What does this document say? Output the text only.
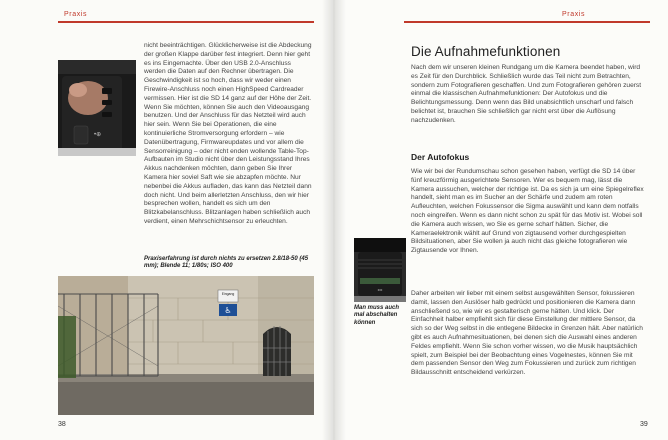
Praxis
•⊕

nicht beeinträchtigen. Glücklicherweise ist die Abdeckung der großen Klappe darüber fest integriert. Denn hier geht es ins Eingemachte. Über den USB 2.0-Anschluss werden die Daten auf den Rechner übertragen. Die Geschwindigkeit ist so hoch, dass wir weder einen Firewire-Anschluss noch einen HighSpeed Cardreader vermissen. Hier ist die SD 14 ganz auf der Höhe der Zeit. Wenn Sie möchten, können Sie auch den Videoausgang benutzen. Und der Anschluss für das Netzteil wird auch hier sein. Wenn Sie bei Operationen, die eine kontinuierliche Stromversorgung erfordern – wie Datenübertragung, Firmwareupdates und vor allem die Sensorreinigung – oder nicht enden wollende Table-Top-Aufbauten im Studio nicht über den Leistungsstand Ihres Akkus nachdenken möchten, dann geben Sie Ihrer Kamera hier soviel Saft wie sie abzapfen möchte. Nur nebenbei die Akkus aufladen, das kann das Netzteil dann doch nicht. Und beim allerletzten Anschluss, den wir hier besprechen wollen, handelt es sich um den Blitzkabelanschluss. Blitzanlagen haben schließlich auch verdient, einen Mehrschichtsensor zu erleuchten.

Praxiserfahrung ist durch nichts zu ersetzen 2.8/18-50 (45 mm); Blende 11; 1/80s; ISO 400

♿
Eingang
38
Praxis
Die Aufnahmefunktionen

Nach dem wir unseren kleinen Rundgang um die Kamera beendet haben, wird es Zeit für den Durchblick. Schließlich wurde das Teil nicht zum Betrachten, sondern zum Fotografieren geschaffen. Und zum Fotografieren gehören zuerst einmal die klassischen Aufnahmefunktionen: Der Autofokus und die Belichtungsmessung. Denn wenn das Bild unabsichtlich unscharf und falsch belichtet ist, brauchen Sie schließlich gar nicht erst über die Auflösung nachzudenken.

Der Autofokus

Wie wir bei der Rundumschau schon gesehen haben, verfügt die SD 14 über fünf kreuzförmig ausgerichtete Sensoren. Wer es bequem mag, lässt die Kamera aussuchen, welcher der richtige ist. Da es sich ja um eine Spiegelreflex handelt, sieht man es im Sucher an der Schärfe und zudem am roten Aufleuchten, welchen Fokussensor die Sigma auswählt und kann dem notfalls noch eingreifen. Wenn es dann nicht schon zu spät für das Motiv ist. Wobei soll die Kamera auch wissen, wo Sie es gerne scharf hätten. Sicher, die Kameraelektronik wählt auf Grund von zigtausend vorher durchgespielten Bildsituationen, aber Sie wollen ja auch nicht das gleiche fotografieren wie Zigtausende vor Ihnen.

◂ ▸

Man muss auch mal abschalten können

Daher arbeiten wir lieber mit einem selbst ausgewählten Sensor, fokussieren damit, lassen den Auslöser halb gedrückt und positionieren die Kamera dann anschließend so, wie wir es gestalterisch gerne hätten. Und klick. Der Einfachheit halber empfiehlt sich für diese Einstellung der mittlere Sensor, da sich so der Weg selbst in die entlegene Bildecke in Grenzen hält. Aber natürlich gibt es auch Aufnahmesituationen, bei denen sich die Auswahl eines anderen Feldes empfiehlt. Wenn Sie schon vorher wissen, wo die Musik hauptsächlich spielt, zum Beispiel bei der Beobachtung eines Vogelnestes, können Sie mit dem passenden Sensor den Weg zum Fokussieren und zurück zum richtigen Bildausschnitt entscheidend verkürzen.

39
